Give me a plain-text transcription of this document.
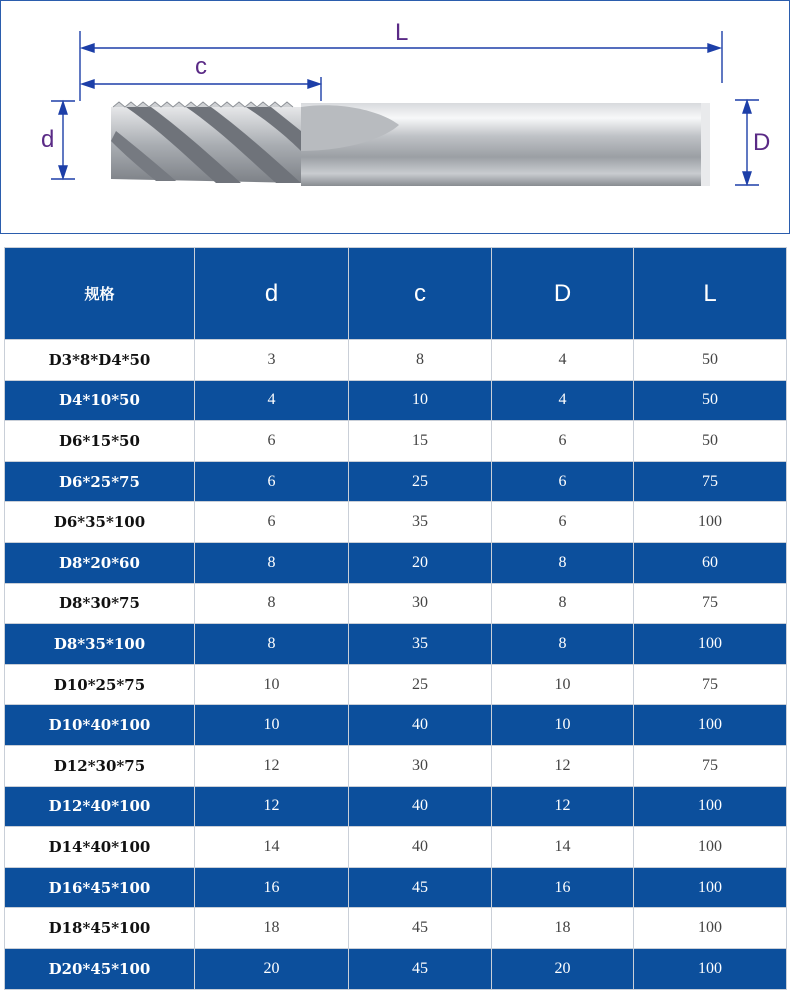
L
c
d	D
规格	d	c	D	L
D3*8*D4*50	3	8	4	50
D4*10*50	4	10	4	50
D6*15*50	6	15	6	50
D6*25*75	6	25	6	75
D6*35*100	6	35	6	100
D8*20*60	8	20	8	60
D8*30*75	8	30	8	75
D8*35*100	8	35	8	100
D10*25*75	10	25	10	75
D10*40*100	10	40	10	100
D12*30*75	12	30	12	75
D12*40*100	12	40	12	100
D14*40*100	14	40	14	100
D16*45*100	16	45	16	100
D18*45*100	18	45	18	100
D20*45*100	20	45	20	100
